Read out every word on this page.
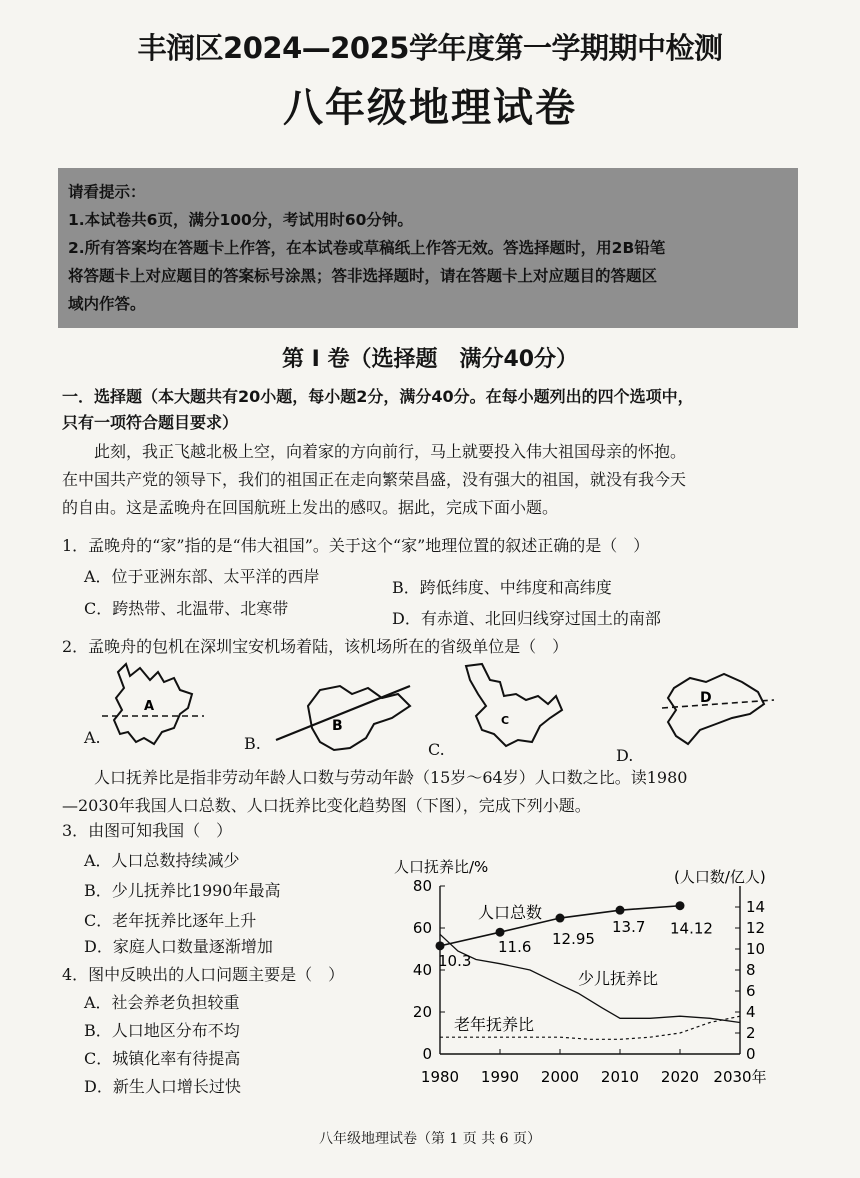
丰润区2024—2025学年度第一学期期中检测
八年级地理试卷
请看提示：
1.本试卷共6页，满分100分，考试用时60分钟。
2.所有答案均在答题卡上作答，在本试卷或草稿纸上作答无效。答选择题时，用2B铅笔
将答题卡上对应题目的答案标号涂黑；答非选择题时，请在答题卡上对应题目的答题区
域内作答。
第 Ⅰ 卷（选择题　满分40分）
一．选择题（本大题共有20小题，每小题2分，满分40分。在每小题列出的四个选项中，
只有一项符合题目要求）
　　此刻，我正飞越北极上空，向着家的方向前行，马上就要投入伟大祖国母亲的怀抱。
在中国共产党的领导下，我们的祖国正在走向繁荣昌盛，没有强大的祖国，就没有我今天
的自由。这是孟晚舟在回国航班上发出的感叹。据此，完成下面小题。
1．孟晚舟的“家”指的是“伟大祖国”。关于这个“家”地理位置的叙述正确的是（　）
A．位于亚洲东部、太平洋的西岸
B．跨低纬度、中纬度和高纬度
C．跨热带、北温带、北寒带
D．有赤道、北回归线穿过国土的南部
2．孟晚舟的包机在深圳宝安机场着陆，该机场所在的省级单位是（　）
A
A.
B
B.
C
C.
D
D.
　　人口抚养比是指非劳动年龄人口数与劳动年龄（15岁～64岁）人口数之比。读1980
—2030年我国人口总数、人口抚养比变化趋势图（下图），完成下列小题。
3．由图可知我国（　）
A．人口总数持续减少
B．少儿抚养比1990年最高
C．老年抚养比逐年上升
D．家庭人口数量逐渐增加
4．图中反映出的人口问题主要是（　）
A．社会养老负担较重
B．人口地区分布不均
C．城镇化率有待提高
D．新生人口增长过快
人口抚养比/%
(人口数/亿人)
0
20
40
60
80
0
2
4
6
8
10
12
14
1980 1990 2000 2010 2020 2030年
10.3
11.6 12.95
13.7 14.12
人口总数
少儿抚养比
老年抚养比
八年级地理试卷（第 1 页 共 6 页）
